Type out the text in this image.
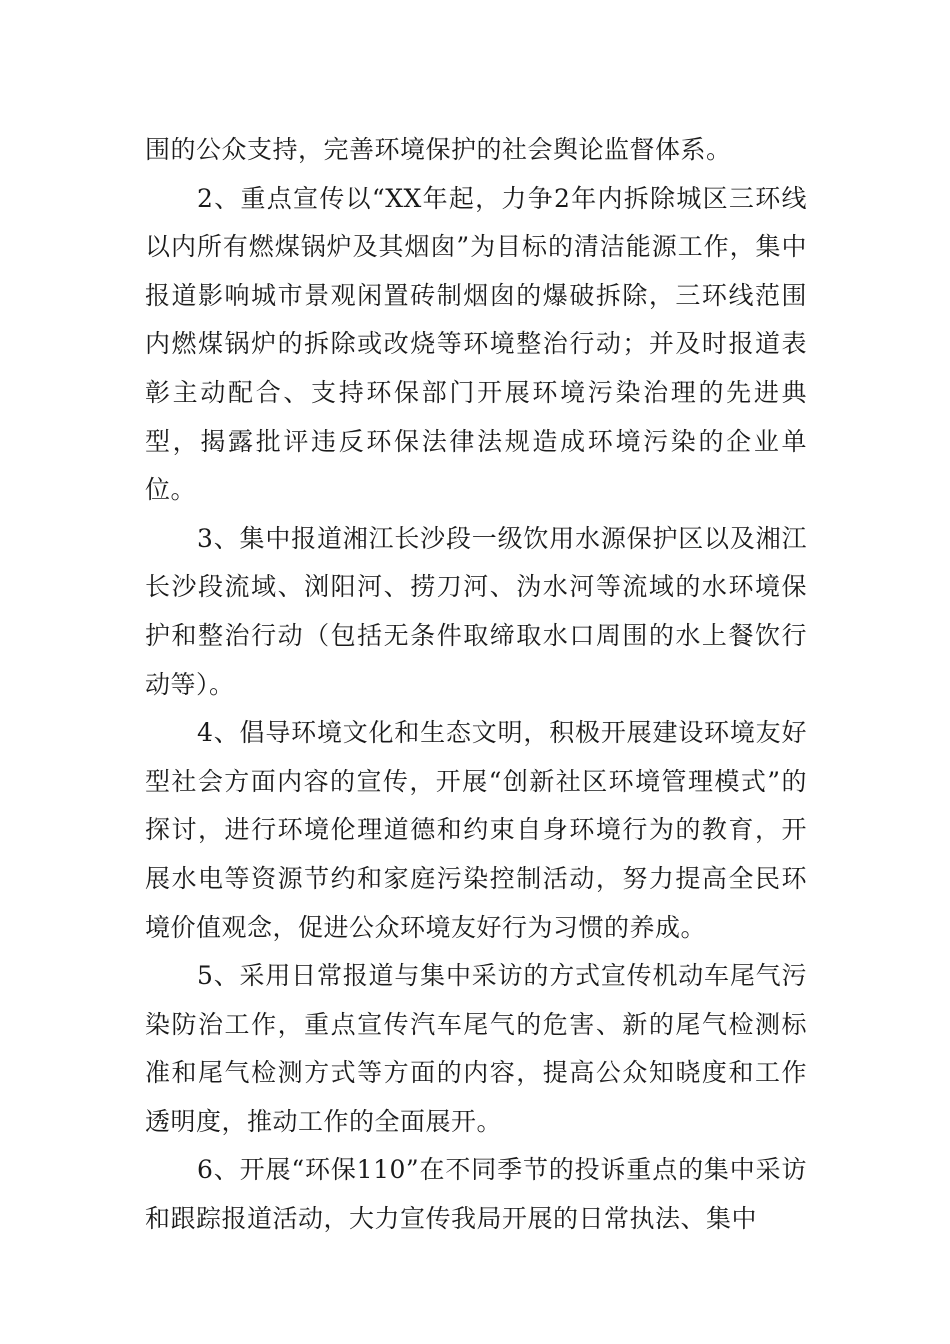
围的公众支持，完善环境保护的社会舆论监督体系。

2、重点宣传以“XX年起，力争2年内拆除城区三环线以内所有燃煤锅炉及其烟囱”为目标的清洁能源工作，集中报道影响城市景观闲置砖制烟囱的爆破拆除，三环线范围内燃煤锅炉的拆除或改烧等环境整治行动；并及时报道表彰主动配合、支持环保部门开展环境污染治理的先进典型，揭露批评违反环保法律法规造成环境污染的企业单位。

3、集中报道湘江长沙段一级饮用水源保护区以及湘江长沙段流域、浏阳河、捞刀河、沩水河等流域的水环境保护和整治行动（包括无条件取缔取水口周围的水上餐饮行动等）。

4、倡导环境文化和生态文明，积极开展建设环境友好型社会方面内容的宣传，开展“创新社区环境管理模式”的探讨，进行环境伦理道德和约束自身环境行为的教育，开展水电等资源节约和家庭污染控制活动，努力提高全民环境价值观念，促进公众环境友好行为习惯的养成。

5、采用日常报道与集中采访的方式宣传机动车尾气污染防治工作，重点宣传汽车尾气的危害、新的尾气检测标准和尾气检测方式等方面的内容，提高公众知晓度和工作透明度，推动工作的全面展开。

6、开展“环保110”在不同季节的投诉重点的集中采访和跟踪报道活动，大力宣传我局开展的日常执法、集中
